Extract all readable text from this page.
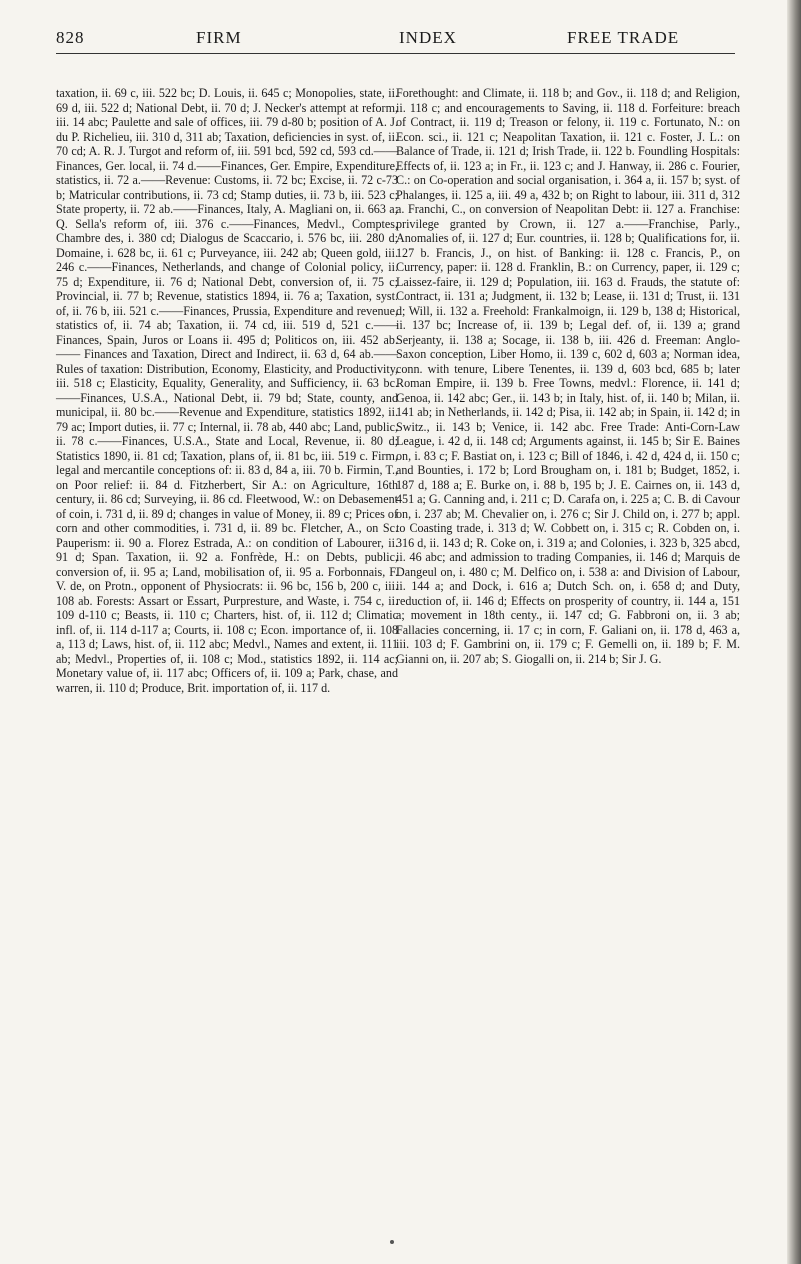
828	FIRM	INDEX	FREE TRADE

taxation, ii. 69 c, iii. 522 bc; D. Louis, ii. 645 c; Monopolies, state, ii. 69 d, iii. 522 d; National Debt, ii. 70 d; J. Necker's attempt at reform, iii. 14 abc; Paulette and sale of offices, iii. 79 d-80 b; position of A. J. du P. Richelieu, iii. 310 d, 311 ab; Taxation, deficiencies in syst. of, ii. 70 cd; A. R. J. Turgot and reform of, iii. 591 bcd, 592 cd, 593 cd.—— Finances, Ger. local, ii. 74 d.——Finances, Ger. Empire, Expenditure, statistics, ii. 72 a.——Revenue: Customs, ii. 72 bc; Excise, ii. 72 c-73 b; Matricular contributions, ii. 73 cd; Stamp duties, ii. 73 b, iii. 523 c; State property, ii. 72 ab.——Finances, Italy, A. Magliani on, ii. 663 a; Q. Sella's reform of, iii. 376 c.——Finances, Medvl., Comptes, Chambre des, i. 380 cd; Dialogus de Scaccario, i. 576 bc, iii. 280 d; Domaine, i. 628 bc, ii. 61 c; Purveyance, iii. 242 ab; Queen gold, iii. 246 c.——Finances, Netherlands, and change of Colonial policy, ii. 75 d; Expenditure, ii. 76 d; National Debt, conversion of, ii. 75 c; Provincial, ii. 77 b; Revenue, statistics 1894, ii. 76 a; Taxation, syst. of, ii. 76 b, iii. 521 c.——Finances, Prussia, Expenditure and revenue, statistics of, ii. 74 ab; Taxation, ii. 74 cd, iii. 519 d, 521 c.——Finances, Spain, Juros or Loans ii. 495 d; Politicos on, iii. 452 ab.—— Finances and Taxation, Direct and Indirect, ii. 63 d, 64 ab.——Rules of taxation: Distribution, Economy, Elasticity, and Productivity, iii. 518 c; Elasticity, Equality, Generality, and Sufficiency, ii. 63 bc.——Finances, U.S.A., National Debt, ii. 79 bd; State, county, and municipal, ii. 80 bc.——Revenue and Expenditure, statistics 1892, ii. 79 ac; Import duties, ii. 77 c; Internal, ii. 78 ab, 440 abc; Land, public, ii. 78 c.——Finances, U.S.A., State and Local, Revenue, ii. 80 d; Statistics 1890, ii. 81 cd; Taxation, plans of, ii. 81 bc, iii. 519 c. Firm, legal and mercantile conceptions of: ii. 83 d, 84 a, iii. 70 b. Firmin, T., on Poor relief: ii. 84 d. Fitzherbert, Sir A.: on Agriculture, 16th century, ii. 86 cd; Surveying, ii. 86 cd. Fleetwood, W.: on Debasement of coin, i. 731 d, ii. 89 d; changes in value of Money, ii. 89 c; Prices of corn and other commodities, i. 731 d, ii. 89 bc. Fletcher, A., on Sc. Pauperism: ii. 90 a. Florez Estrada, A.: on condition of Labourer, ii. 91 d; Span. Taxation, ii. 92 a. Fonfrède, H.: on Debts, public, conversion of, ii. 95 a; Land, mobilisation of, ii. 95 a. Forbonnais, F. V. de, on Protn., opponent of Physiocrats: ii. 96 bc, 156 b, 200 c, iii. 108 ab. Forests: Assart or Essart, Purpresture, and Waste, i. 754 c, ii. 109 d-110 c; Beasts, ii. 110 c; Charters, hist. of, ii. 112 d; Climatic infl. of, ii. 114 d-117 a; Courts, ii. 108 c; Econ. importance of, ii. 108 a, 113 d; Laws, hist. of, ii. 112 abc; Medvl., Names and extent, ii. 111 ab; Medvl., Properties of, ii. 108 c; Mod., statistics 1892, ii. 114 ac; Monetary value of, ii. 117 abc; Officers of, ii. 109 a; Park, chase, and warren, ii. 110 d; Produce, Brit. importation of, ii. 117 d.

Forethought: and Climate, ii. 118 b; and Gov., ii. 118 d; and Religion, ii. 118 c; and encouragements to Saving, ii. 118 d. Forfeiture: breach of Contract, ii. 119 d; Treason or felony, ii. 119 c. Fortunato, N.: on Econ. sci., ii. 121 c; Neapolitan Taxation, ii. 121 c. Foster, J. L.: on Balance of Trade, ii. 121 d; Irish Trade, ii. 122 b. Foundling Hospitals: Effects of, ii. 123 a; in Fr., ii. 123 c; and J. Hanway, ii. 286 c. Fourier, C.: on Co-operation and social organisation, i. 364 a, ii. 157 b; syst. of Phalanges, ii. 125 a, iii. 49 a, 432 b; on Right to labour, iii. 311 d, 312 a. Franchi, C., on conversion of Neapolitan Debt: ii. 127 a. Franchise: privilege granted by Crown, ii. 127 a.——Franchise, Parly., Anomalies of, ii. 127 d; Eur. countries, ii. 128 b; Qualifications for, ii. 127 b. Francis, J., on hist. of Banking: ii. 128 c. Francis, P., on Currency, paper: ii. 128 d. Franklin, B.: on Currency, paper, ii. 129 c; Laissez-faire, ii. 129 d; Population, iii. 163 d. Frauds, the statute of: Contract, ii. 131 a; Judgment, ii. 132 b; Lease, ii. 131 d; Trust, ii. 131 d; Will, ii. 132 a. Freehold: Frankalmoign, ii. 129 b, 138 d; Historical, ii. 137 bc; Increase of, ii. 139 b; Legal def. of, ii. 139 a; grand Serjeanty, ii. 138 a; Socage, ii. 138 b, iii. 426 d. Freeman: Anglo-Saxon conception, Liber Homo, ii. 139 c, 602 d, 603 a; Norman idea, conn. with tenure, Libere Tenentes, ii. 139 d, 603 bcd, 685 b; later Roman Empire, ii. 139 b. Free Towns, medvl.: Florence, ii. 141 d; Genoa, ii. 142 abc; Ger., ii. 143 b; in Italy, hist. of, ii. 140 b; Milan, ii. 141 ab; in Netherlands, ii. 142 d; Pisa, ii. 142 ab; in Spain, ii. 142 d; in Switz., ii. 143 b; Venice, ii. 142 abc. Free Trade: Anti-Corn-Law League, i. 42 d, ii. 148 cd; Arguments against, ii. 145 b; Sir E. Baines on, i. 83 c; F. Bastiat on, i. 123 c; Bill of 1846, i. 42 d, 424 d, ii. 150 c; and Bounties, i. 172 b; Lord Brougham on, i. 181 b; Budget, 1852, i. 187 d, 188 a; E. Burke on, i. 88 b, 195 b; J. E. Cairnes on, ii. 143 d, 451 a; G. Canning and, i. 211 c; D. Carafa on, i. 225 a; C. B. di Cavour on, i. 237 ab; M. Chevalier on, i. 276 c; Sir J. Child on, i. 277 b; appl. to Coasting trade, i. 313 d; W. Cobbett on, i. 315 c; R. Cobden on, i. 316 d, ii. 143 d; R. Coke on, i. 319 a; and Colonies, i. 323 b, 325 abcd, ii. 46 abc; and admission to trading Companies, ii. 146 d; Marquis de Dangeul on, i. 480 c; M. Delfico on, i. 538 a: and Division of Labour, ii. 144 a; and Dock, i. 616 a; Dutch Sch. on, i. 658 d; and Duty, reduction of, ii. 146 d; Effects on prosperity of country, ii. 144 a, 151 a; movement in 18th centy., ii. 147 cd; G. Fabbroni on, ii. 3 ab; Fallacies concerning, ii. 17 c; in corn, F. Galiani on, ii. 178 d, 463 a, iii. 103 d; F. Gambrini on, ii. 179 c; F. Gemelli on, ii. 189 b; F. M. Gianni on, ii. 207 ab; S. Giogalli on, ii. 214 b; Sir J. G.
